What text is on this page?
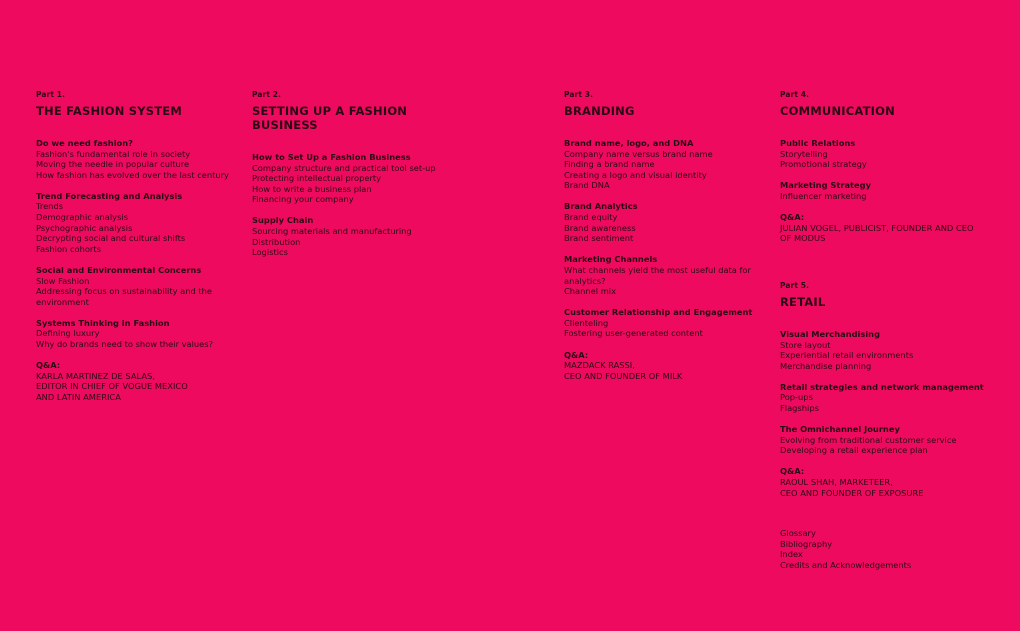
Part 1.
THE FASHION SYSTEM
Do we need fashion?
Fashion's fundamental role in society
Moving the needle in popular culture
How fashion has evolved over the last century
Trend Forecasting and Analysis
Trends
Demographic analysis
Psychographic analysis
Decrypting social and cultural shifts
Fashion cohorts
Social and Environmental Concerns
Slow Fashion
Addressing focus on sustainability and the
environment
Systems Thinking in Fashion
Defining luxury
Why do brands need to show their values?
Q&A:
KARLA MARTINEZ DE SALAS,
EDITOR IN CHIEF OF VOGUE MEXICO
AND LATIN AMERICA
Part 2.
SETTING UP A FASHION BUSINESS
How to Set Up a Fashion Business
Company structure and practical tool set-up
Protecting intellectual property
How to write a business plan
Financing your company
Supply Chain
Sourcing materials and manufacturing
Distribution
Logistics
Part 3.
BRANDING
Brand name, logo, and DNA
Company name versus brand name
Finding a brand name
Creating a logo and visual identity
Brand DNA
Brand Analytics
Brand equity
Brand awareness
Brand sentiment
Marketing Channels
What channels yield the most useful data for
analytics?
Channel mix
Customer Relationship and Engagement
Clienteling
Fostering user-generated content
Q&A:
MAZDACK RASSI,
CEO AND FOUNDER OF MILK
Part 4.
COMMUNICATION
Public Relations
Storytelling
Promotional strategy
Marketing Strategy
Influencer marketing
Q&A:
JULIAN VOGEL, PUBLICIST, FOUNDER AND CEO
OF MODUS
Part 5.
RETAIL
Visual Merchandising
Store layout
Experiential retail environments
Merchandise planning
Retail strategies and network management
Pop-ups
Flagships
The Omnichannel Journey
Evolving from traditional customer service
Developing a retail experience plan
Q&A:
RAOUL SHAH, MARKETEER,
CEO AND FOUNDER OF EXPOSURE
Glossary
Bibliography
Index
Credits and Acknowledgements
